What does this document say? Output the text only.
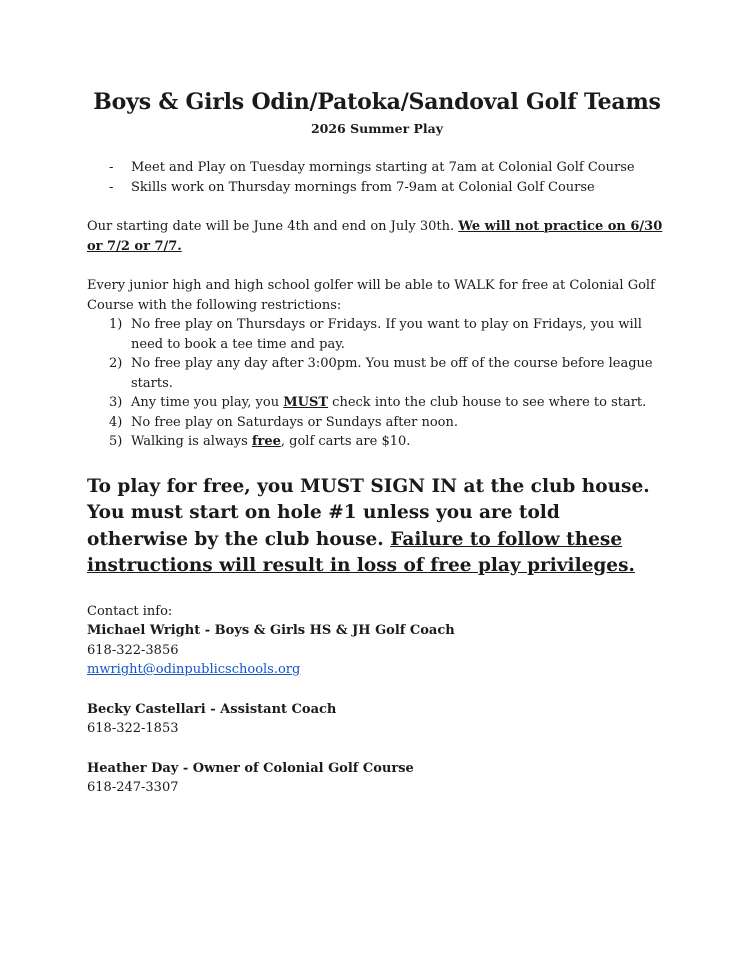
Boys & Girls Odin/Patoka/Sandoval Golf Teams
2026 Summer Play
- Meet and Play on Tuesday mornings starting at 7am at Colonial Golf Course
- Skills work on Thursday mornings from 7-9am at Colonial Golf Course

Our starting date will be June 4th and end on July 30th. We will not practice on 6/30 or 7/2 or 7/7.

Every junior high and high school golfer will be able to WALK for free at Colonial Golf Course with the following restrictions:

1) No free play on Thursdays or Fridays. If you want to play on Fridays, you will need to book a tee time and pay.
2) No free play any day after 3:00pm. You must be off of the course before league starts.
3) Any time you play, you MUST check into the club house to see where to start.
4) No free play on Saturdays or Sundays after noon.
5) Walking is always free, golf carts are $10.

To play for free, you MUST SIGN IN at the club house. You must start on hole #1 unless you are told otherwise by the club house. Failure to follow these instructions will result in loss of free play privileges.

Contact info:
Michael Wright - Boys & Girls HS & JH Golf Coach
618-322-3856
mwright@odinpublicschools.org
Becky Castellari - Assistant Coach
618-322-1853
Heather Day - Owner of Colonial Golf Course
618-247-3307
